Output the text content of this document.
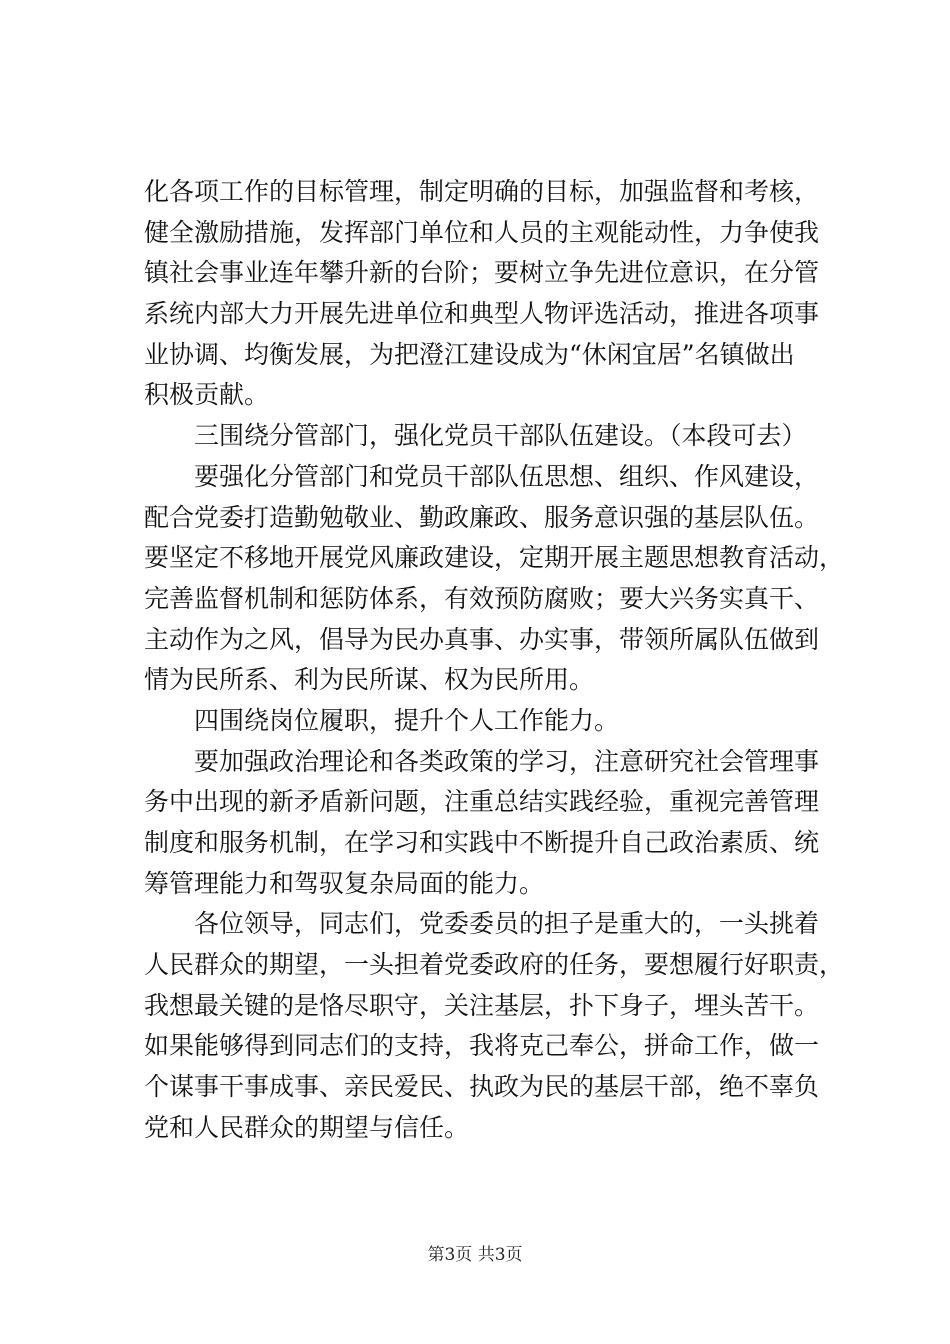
化各项工作的目标管理，制定明确的目标，加强监督和考核，
健全激励措施，发挥部门单位和人员的主观能动性，力争使我
镇社会事业连年攀升新的台阶；要树立争先进位意识，在分管
系统内部大力开展先进单位和典型人物评选活动，推进各项事
业协调、均衡发展，为把澄江建设成为“休闲宜居”名镇做出
积极贡献。
三围绕分管部门，强化党员干部队伍建设。（本段可去）
要强化分管部门和党员干部队伍思想、组织、作风建设，
配合党委打造勤勉敬业、勤政廉政、服务意识强的基层队伍。
要坚定不移地开展党风廉政建设，定期开展主题思想教育活动，
完善监督机制和惩防体系，有效预防腐败；要大兴务实真干、
主动作为之风，倡导为民办真事、办实事，带领所属队伍做到
情为民所系、利为民所谋、权为民所用。
四围绕岗位履职，提升个人工作能力。
要加强政治理论和各类政策的学习，注意研究社会管理事
务中出现的新矛盾新问题，注重总结实践经验，重视完善管理
制度和服务机制，在学习和实践中不断提升自己政治素质、统
筹管理能力和驾驭复杂局面的能力。
各位领导，同志们，党委委员的担子是重大的，一头挑着
人民群众的期望，一头担着党委政府的任务，要想履行好职责，
我想最关键的是恪尽职守，关注基层，扑下身子，埋头苦干。
如果能够得到同志们的支持，我将克己奉公，拼命工作，做一
个谋事干事成事、亲民爱民、执政为民的基层干部，绝不辜负
党和人民群众的期望与信任。
第3页 共3页
